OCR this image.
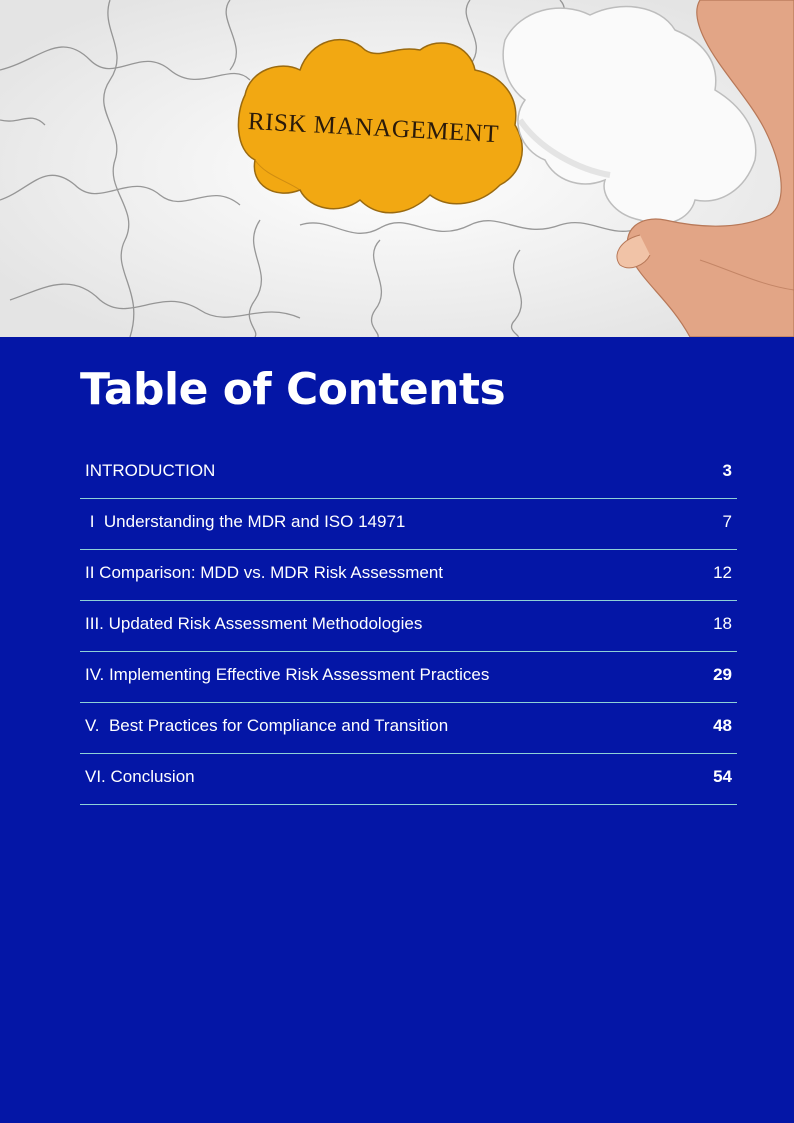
RISK MANAGEMENT
Table of Contents
INTRODUCTION	3
I  Understanding the MDR and ISO 14971	7
II Comparison: MDD vs. MDR Risk Assessment	12
III. Updated Risk Assessment Methodologies	18
IV. Implementing Effective Risk Assessment Practices	29
V.  Best Practices for Compliance and Transition	48
VI. Conclusion	54
